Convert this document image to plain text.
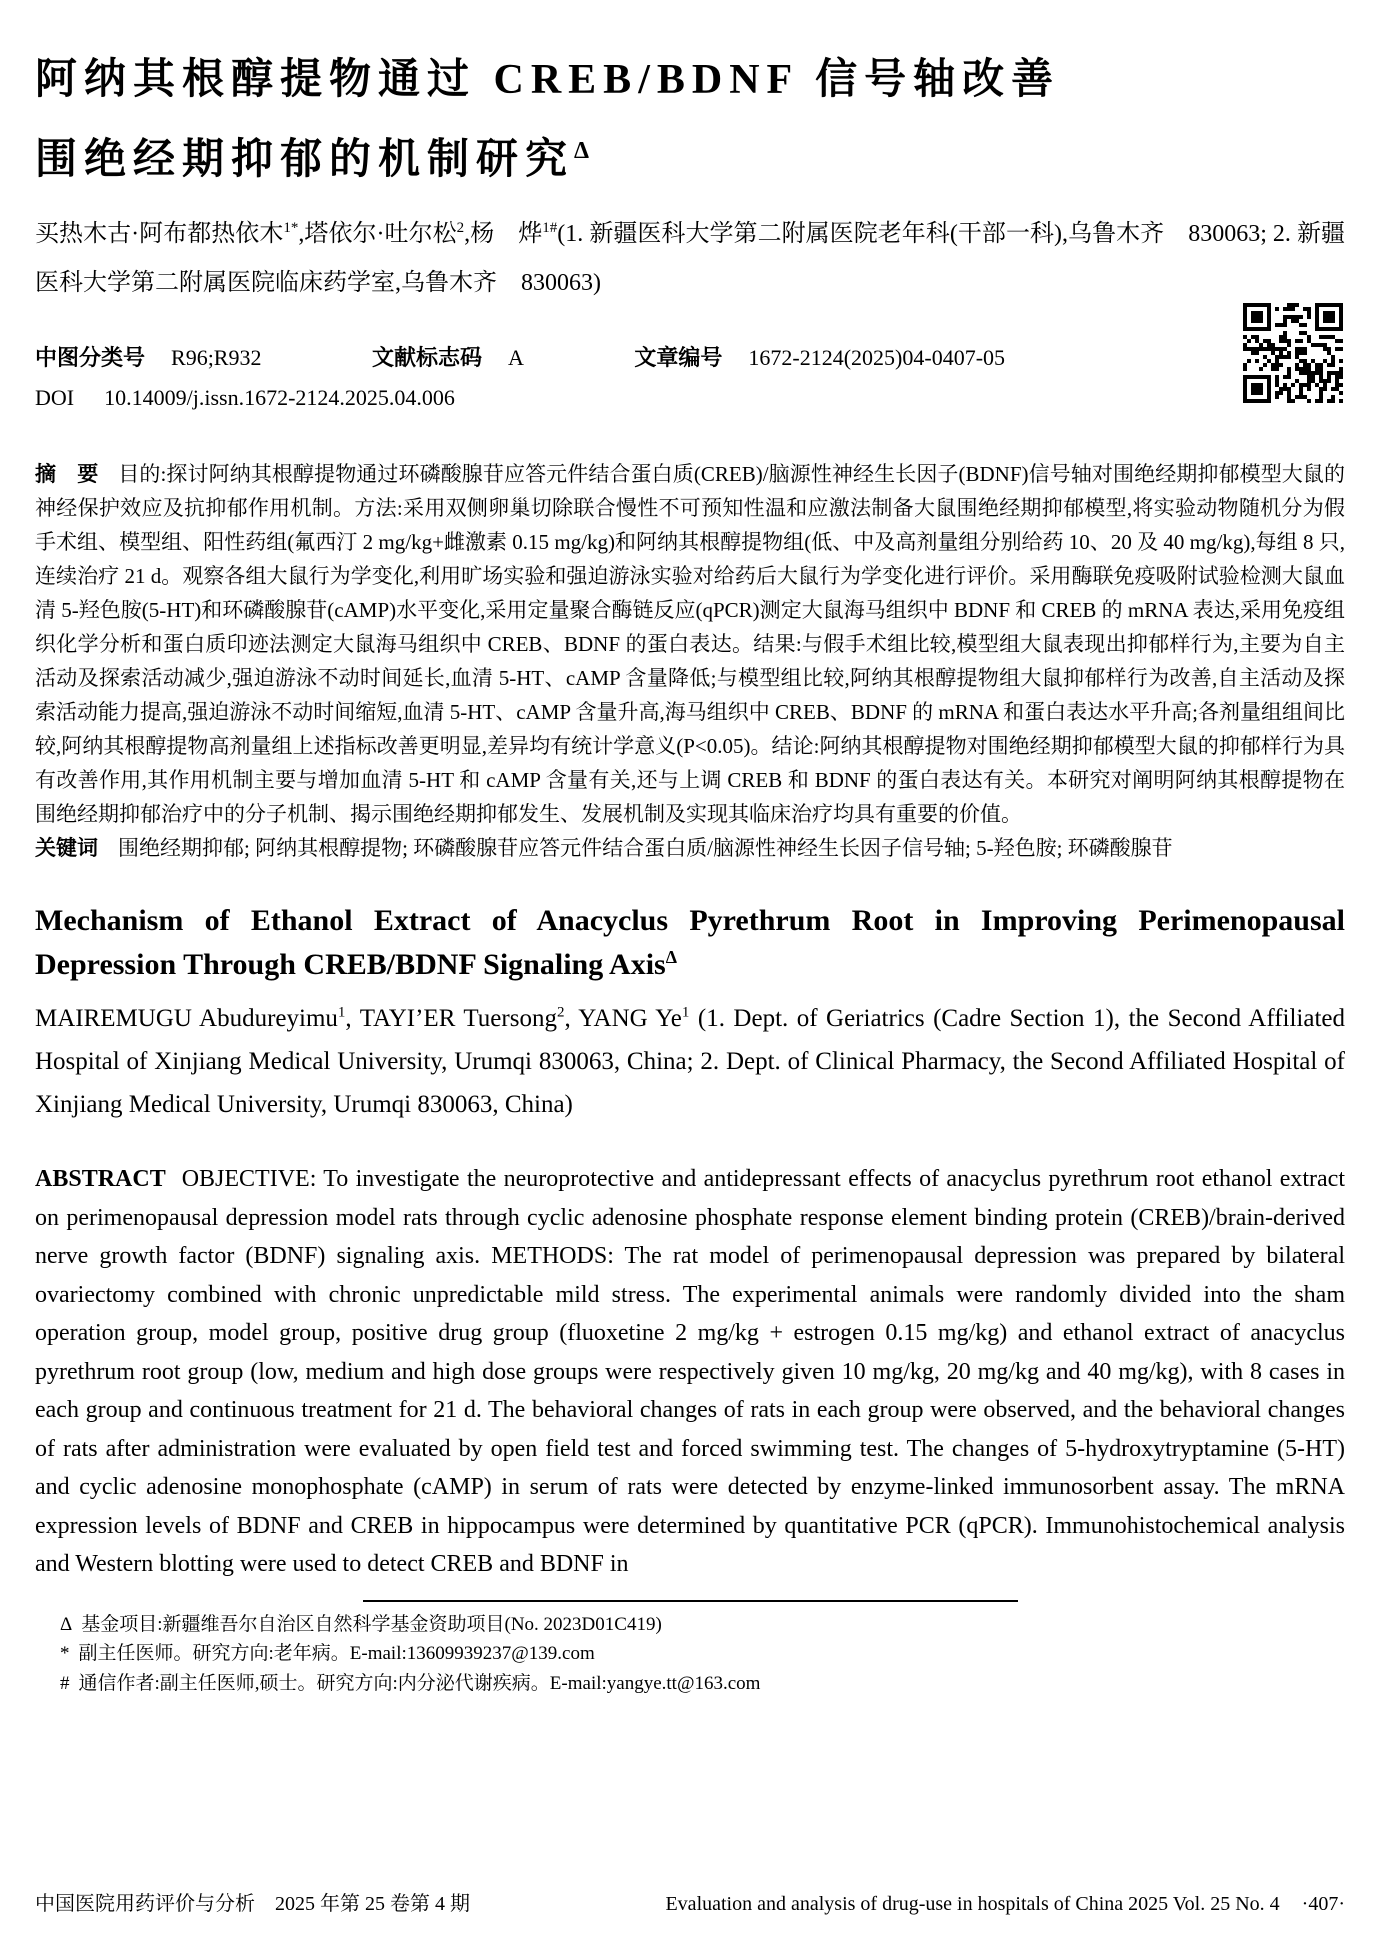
阿纳其根醇提物通过 CREB/BDNF 信号轴改善
围绝经期抑郁的机制研究$^\Delta$

买热木古·阿布都热依木$^{1*}$,塔依尔·吐尔松$^2$,杨　烨$^{1\#}$(1. 新疆医科大学第二附属医院老年科(干部一科),乌鲁木齐　830063; 2. 新疆医科大学第二附属医院临床药学室,乌鲁木齐　830063)

中图分类号 R96;R932	文献标志码 A	文章编号 1672-2124(2025)04-0407-05
DOI 10.14009/j.issn.1672-2124.2025.04.006

摘　要 目的:探讨阿纳其根醇提物通过环磷酸腺苷应答元件结合蛋白质(CREB)/脑源性神经生长因子(BDNF)信号轴对围绝经期抑郁模型大鼠的神经保护效应及抗抑郁作用机制。方法:采用双侧卵巢切除联合慢性不可预知性温和应激法制备大鼠围绝经期抑郁模型,将实验动物随机分为假手术组、模型组、阳性药组(氟西汀 2 mg/kg+雌激素 0.15 mg/kg)和阿纳其根醇提物组(低、中及高剂量组分别给药 10、20 及 40 mg/kg),每组 8 只,连续治疗 21 d。观察各组大鼠行为学变化,利用旷场实验和强迫游泳实验对给药后大鼠行为学变化进行评价。采用酶联免疫吸附试验检测大鼠血清 5-羟色胺(5-HT)和环磷酸腺苷(cAMP)水平变化,采用定量聚合酶链反应(qPCR)测定大鼠海马组织中 BDNF 和 CREB 的 mRNA 表达,采用免疫组织化学分析和蛋白质印迹法测定大鼠海马组织中 CREB、BDNF 的蛋白表达。结果:与假手术组比较,模型组大鼠表现出抑郁样行为,主要为自主活动及探索活动减少,强迫游泳不动时间延长,血清 5-HT、cAMP 含量降低;与模型组比较,阿纳其根醇提物组大鼠抑郁样行为改善,自主活动及探索活动能力提高,强迫游泳不动时间缩短,血清 5-HT、cAMP 含量升高,海马组织中 CREB、BDNF 的 mRNA 和蛋白表达水平升高;各剂量组组间比较,阿纳其根醇提物高剂量组上述指标改善更明显,差异均有统计学意义(P<0.05)。结论:阿纳其根醇提物对围绝经期抑郁模型大鼠的抑郁样行为具有改善作用,其作用机制主要与增加血清 5-HT 和 cAMP 含量有关,还与上调 CREB 和 BDNF 的蛋白表达有关。本研究对阐明阿纳其根醇提物在围绝经期抑郁治疗中的分子机制、揭示围绝经期抑郁发生、发展机制及实现其临床治疗均具有重要的价值。

关键词 围绝经期抑郁; 阿纳其根醇提物; 环磷酸腺苷应答元件结合蛋白质/脑源性神经生长因子信号轴; 5-羟色胺; 环磷酸腺苷

Mechanism of Ethanol Extract of Anacyclus Pyrethrum Root in Improving Perimenopausal Depression Through CREB/BDNF Signaling Axis$^\Delta$

MAIREMUGU Abudureyimu$^1$, TAYI’ER Tuersong$^2$, YANG Ye$^1$ (1. Dept. of Geriatrics (Cadre Section 1), the Second Affiliated Hospital of Xinjiang Medical University, Urumqi 830063, China; 2. Dept. of Clinical Pharmacy, the Second Affiliated Hospital of Xinjiang Medical University, Urumqi 830063, China)

ABSTRACT OBJECTIVE: To investigate the neuroprotective and antidepressant effects of anacyclus pyrethrum root ethanol extract on perimenopausal depression model rats through cyclic adenosine phosphate response element binding protein (CREB)/brain-derived nerve growth factor (BDNF) signaling axis. METHODS: The rat model of perimenopausal depression was prepared by bilateral ovariectomy combined with chronic unpredictable mild stress. The experimental animals were randomly divided into the sham operation group, model group, positive drug group (fluoxetine 2 mg/kg + estrogen 0.15 mg/kg) and ethanol extract of anacyclus pyrethrum root group (low, medium and high dose groups were respectively given 10 mg/kg, 20 mg/kg and 40 mg/kg), with 8 cases in each group and continuous treatment for 21 d. The behavioral changes of rats in each group were observed, and the behavioral changes of rats after administration were evaluated by open field test and forced swimming test. The changes of 5-hydroxytryptamine (5-HT) and cyclic adenosine monophosphate (cAMP) in serum of rats were detected by enzyme-linked immunosorbent assay. The mRNA expression levels of BDNF and CREB in hippocampus were determined by quantitative PCR (qPCR). Immunohistochemical analysis and Western blotting were used to detect CREB and BDNF in

Δ 基金项目:新疆维吾尔自治区自然科学基金资助项目(No. 2023D01C419)
* 副主任医师。研究方向:老年病。E-mail:13609939237@139.com
# 通信作者:副主任医师,硕士。研究方向:内分泌代谢疾病。E-mail:yangye.tt@163.com
中国医院用药评价与分析　2025 年第 25 卷第 4 期	Evaluation and analysis of drug-use in hospitals of China 2025 Vol. 25 No. 4 ·407·
